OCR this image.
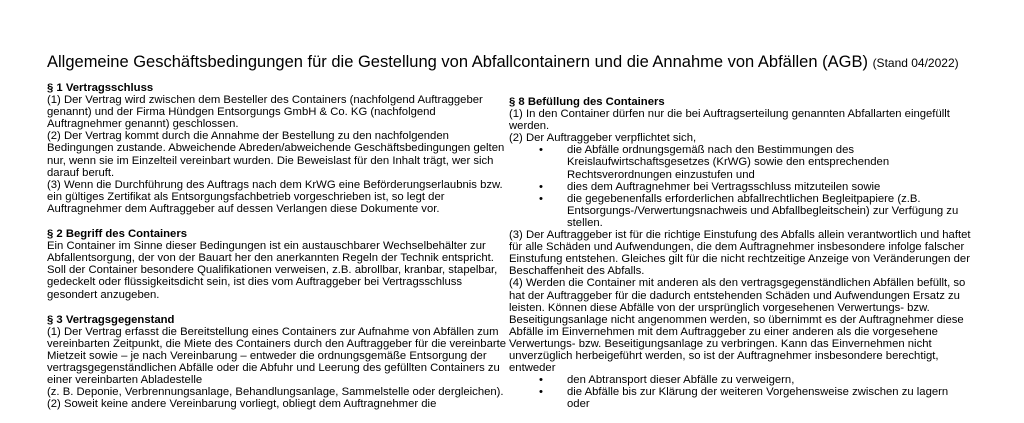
Allgemeine Geschäftsbedingungen für die Gestellung von Abfallcontainern und die Annahme von Abfällen (AGB) (Stand 04/2022)
§ 1 Vertragsschluss

(1) Der Vertrag wird zwischen dem Besteller des Containers (nachfolgend Auftraggeber genannt) und der Firma Hündgen Entsorgungs GmbH & Co. KG (nachfolgend Auftragnehmer genannt) geschlossen.

(2) Der Vertrag kommt durch die Annahme der Bestellung zu den nachfolgenden Bedingungen zustande. Abweichende Abreden/abweichende Geschäftsbedingungen gelten nur, wenn sie im Einzelteil vereinbart wurden. Die Beweislast für den Inhalt trägt, wer sich darauf beruft.

(3) Wenn die Durchführung des Auftrags nach dem KrWG eine Beförderungserlaubnis bzw. ein gültiges Zertifikat als Entsorgungsfachbetrieb vorgeschrieben ist, so legt der Auftragnehmer dem Auftraggeber auf dessen Verlangen diese Dokumente vor.

§ 2 Begriff des Containers

Ein Container im Sinne dieser Bedingungen ist ein austauschbarer Wechselbehälter zur Abfallentsorgung, der von der Bauart her den anerkannten Regeln der Technik entspricht. Soll der Container besondere Qualifikationen verweisen, z.B. abrollbar, kranbar, stapelbar, gedeckelt oder flüssigkeitsdicht sein, ist dies vom Auftraggeber bei Vertragsschluss gesondert anzugeben.

§ 3 Vertragsgegenstand

(1) Der Vertrag erfasst die Bereitstellung eines Containers zur Aufnahme von Abfällen zum vereinbarten Zeitpunkt, die Miete des Containers durch den Auftraggeber für die vereinbarte Mietzeit sowie – je nach Vereinbarung – entweder die ordnungsgemäße Entsorgung der vertragsgegenständlichen Abfälle oder die Abfuhr und Leerung des gefüllten Containers zu einer vereinbarten Abladestelle

(z. B. Deponie, Verbrennungsanlage, Behandlungsanlage, Sammelstelle oder dergleichen).

(2) Soweit keine andere Vereinbarung vorliegt, obliegt dem Auftragnehmer die

§ 8 Befüllung des Containers

(1) In den Container dürfen nur die bei Auftragserteilung genannten Abfallarten eingefüllt werden.

(2) Der Auftraggeber verpflichtet sich,

• die Abfälle ordnungsgemäß nach den Bestimmungen des Kreislaufwirtschaftsgesetzes (KrWG) sowie den entsprechenden Rechtsverordnungen einzustufen und
• dies dem Auftragnehmer bei Vertragsschluss mitzuteilen sowie
• die gegebenenfalls erforderlichen abfallrechtlichen Begleitpapiere (z.B. Entsorgungs-/Verwertungsnachweis und Abfallbegleitschein) zur Verfügung zu stellen.

(3) Der Auftraggeber ist für die richtige Einstufung des Abfalls allein verantwortlich und haftet für alle Schäden und Aufwendungen, die dem Auftragnehmer insbesondere infolge falscher Einstufung entstehen. Gleiches gilt für die nicht rechtzeitige Anzeige von Veränderungen der Beschaffenheit des Abfalls.

(4) Werden die Container mit anderen als den vertragsgegenständlichen Abfällen befüllt, so hat der Auftraggeber für die dadurch entstehenden Schäden und Aufwendungen Ersatz zu leisten. Können diese Abfälle von der ursprünglich vorgesehenen Verwertungs- bzw. Beseitigungsanlage nicht angenommen werden, so übernimmt es der Auftragnehmer diese Abfälle im Einvernehmen mit dem Auftraggeber zu einer anderen als die vorgesehene Verwertungs- bzw. Beseitigungsanlage zu verbringen. Kann das Einvernehmen nicht unverzüglich herbeigeführt werden, so ist der Auftragnehmer insbesondere berechtigt, entweder

• den Abtransport dieser Abfälle zu verweigern,
• die Abfälle bis zur Klärung der weiteren Vorgehensweise zwischen zu lagern oder
